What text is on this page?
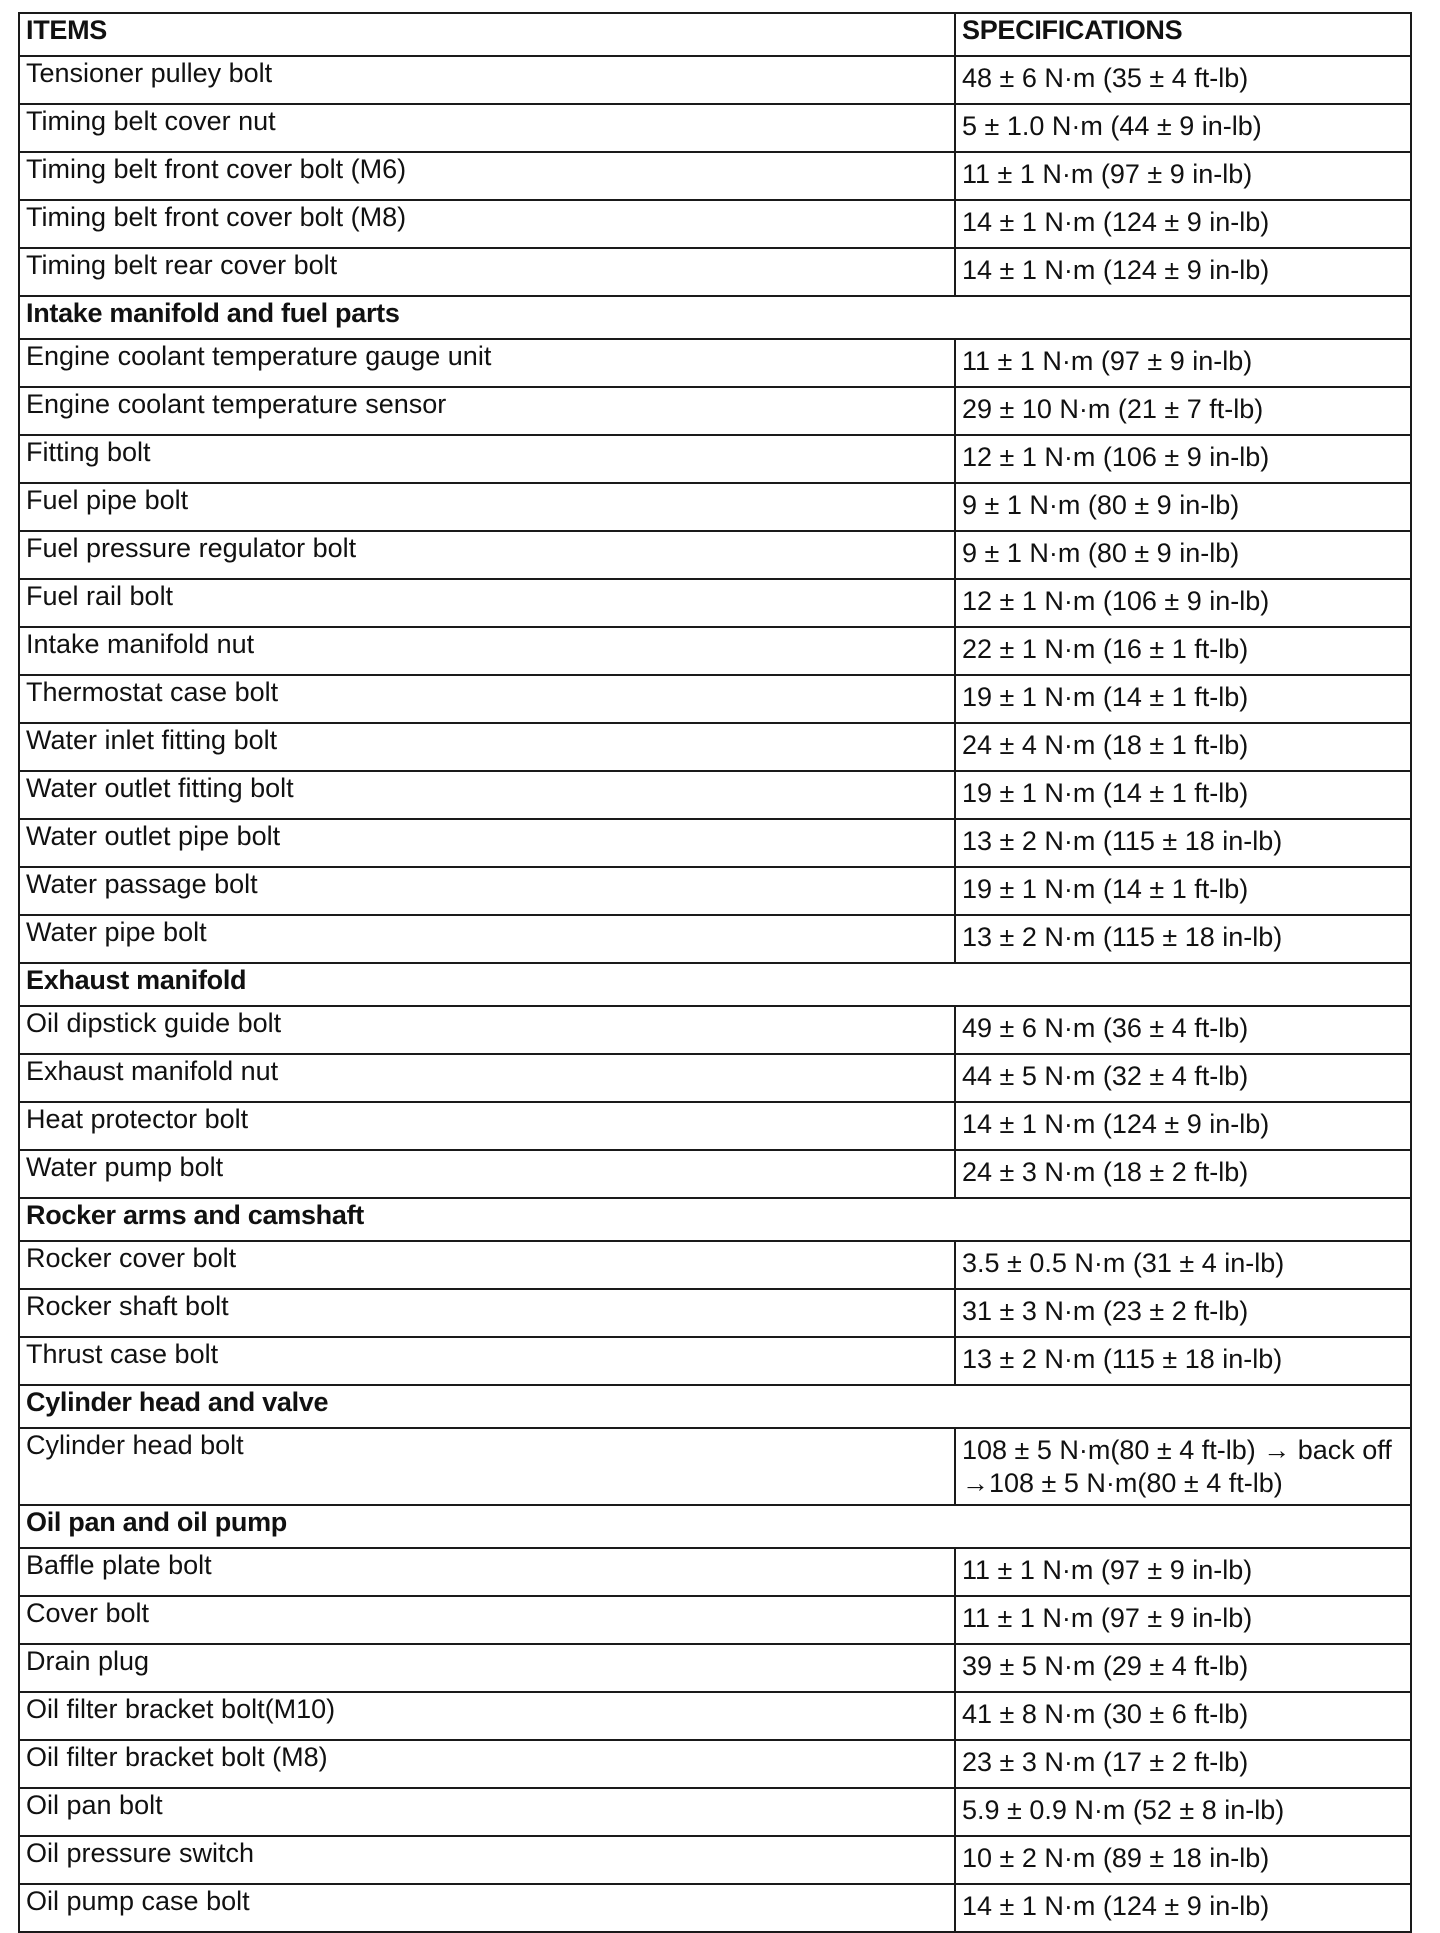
ITEMS	SPECIFICATIONS
Tensioner pulley bolt	48 ± 6 N·m (35 ± 4 ft-lb)
Timing belt cover nut	5 ± 1.0 N·m (44 ± 9 in-lb)
Timing belt front cover bolt (M6)	11 ± 1 N·m (97 ± 9 in-lb)
Timing belt front cover bolt (M8)	14 ± 1 N·m (124 ± 9 in-lb)
Timing belt rear cover bolt	14 ± 1 N·m (124 ± 9 in-lb)
Intake manifold and fuel parts	
Engine coolant temperature gauge unit	11 ± 1 N·m (97 ± 9 in-lb)
Engine coolant temperature sensor	29 ± 10 N·m (21 ± 7 ft-lb)
Fitting bolt	12 ± 1 N·m (106 ± 9 in-lb)
Fuel pipe bolt	9 ± 1 N·m (80 ± 9 in-lb)
Fuel pressure regulator bolt	9 ± 1 N·m (80 ± 9 in-lb)
Fuel rail bolt	12 ± 1 N·m (106 ± 9 in-lb)
Intake manifold nut	22 ± 1 N·m (16 ± 1 ft-lb)
Thermostat case bolt	19 ± 1 N·m (14 ± 1 ft-lb)
Water inlet fitting bolt	24 ± 4 N·m (18 ± 1 ft-lb)
Water outlet fitting bolt	19 ± 1 N·m (14 ± 1 ft-lb)
Water outlet pipe bolt	13 ± 2 N·m (115 ± 18 in-lb)
Water passage bolt	19 ± 1 N·m (14 ± 1 ft-lb)
Water pipe bolt	13 ± 2 N·m (115 ± 18 in-lb)
Exhaust manifold	
Oil dipstick guide bolt	49 ± 6 N·m (36 ± 4 ft-lb)
Exhaust manifold nut	44 ± 5 N·m (32 ± 4 ft-lb)
Heat protector bolt	14 ± 1 N·m (124 ± 9 in-lb)
Water pump bolt	24 ± 3 N·m (18 ± 2 ft-lb)
Rocker arms and camshaft	
Rocker cover bolt	3.5 ± 0.5 N·m (31 ± 4 in-lb)
Rocker shaft bolt	31 ± 3 N·m (23 ± 2 ft-lb)
Thrust case bolt	13 ± 2 N·m (115 ± 18 in-lb)
Cylinder head and valve	
Cylinder head bolt	108 ± 5 N·m(80 ± 4 ft-lb) → back off →108 ± 5 N·m(80 ± 4 ft-lb)
Oil pan and oil pump	
Baffle plate bolt	11 ± 1 N·m (97 ± 9 in-lb)
Cover bolt	11 ± 1 N·m (97 ± 9 in-lb)
Drain plug	39 ± 5 N·m (29 ± 4 ft-lb)
Oil filter bracket bolt(M10)	41 ± 8 N·m (30 ± 6 ft-lb)
Oil filter bracket bolt (M8)	23 ± 3 N·m (17 ± 2 ft-lb)
Oil pan bolt	5.9 ± 0.9 N·m (52 ± 8 in-lb)
Oil pressure switch	10 ± 2 N·m (89 ± 18 in-lb)
Oil pump case bolt	14 ± 1 N·m (124 ± 9 in-lb)
